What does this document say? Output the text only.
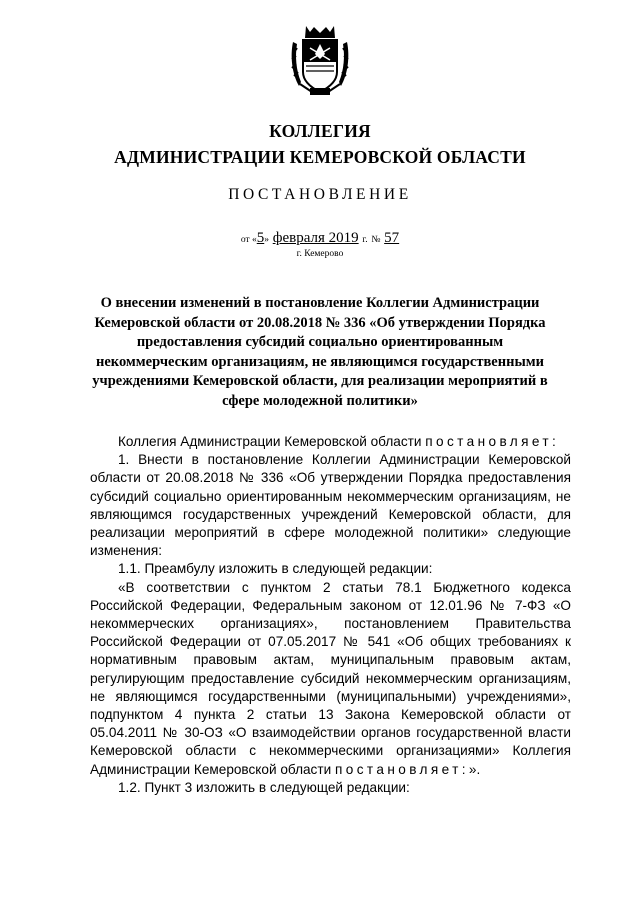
КОЛЛЕГИЯ
АДМИНИСТРАЦИИ КЕМЕРОВСКОЙ ОБЛАСТИ
ПОСТАНОВЛЕНИЕ
от «5» февраля 2019 г. № 57
г. Кемерово
О внесении изменений в постановление Коллегии Администрации Кемеровской области от 20.08.2018 № 336 «Об утверждении Порядка предоставления субсидий социально ориентированным некоммерческим организациям, не являющимся государственными учреждениями Кемеровской области, для реализации мероприятий в сфере молодежной политики»

Коллегия Администрации Кемеровской области постановляет:

1. Внести в постановление Коллегии Администрации Кемеровской области от 20.08.2018 № 336 «Об утверждении Порядка предоставления субсидий социально ориентированным некоммерческим организациям, не являющимся государственных учреждений Кемеровской области, для реализации мероприятий в сфере молодежной политики» следующие изменения:

1.1. Преамбулу изложить в следующей редакции:

«В соответствии с пунктом 2 статьи 78.1 Бюджетного кодекса Российской Федерации, Федеральным законом от 12.01.96 № 7-ФЗ «О некоммерческих организациях», постановлением Правительства Российской Федерации от 07.05.2017 № 541 «Об общих требованиях к нормативным правовым актам, муниципальным правовым актам, регулирующим предоставление субсидий некоммерческим организациям, не являющимся государственными (муниципальными) учреждениями», подпунктом 4 пункта 2 статьи 13 Закона Кемеровской области от 05.04.2011 № 30-ОЗ «О взаимодействии органов государственной власти Кемеровской области с некоммерческими организациями» Коллегия Администрации Кемеровской области постановляет:».

1.2. Пункт 3 изложить в следующей редакции:
